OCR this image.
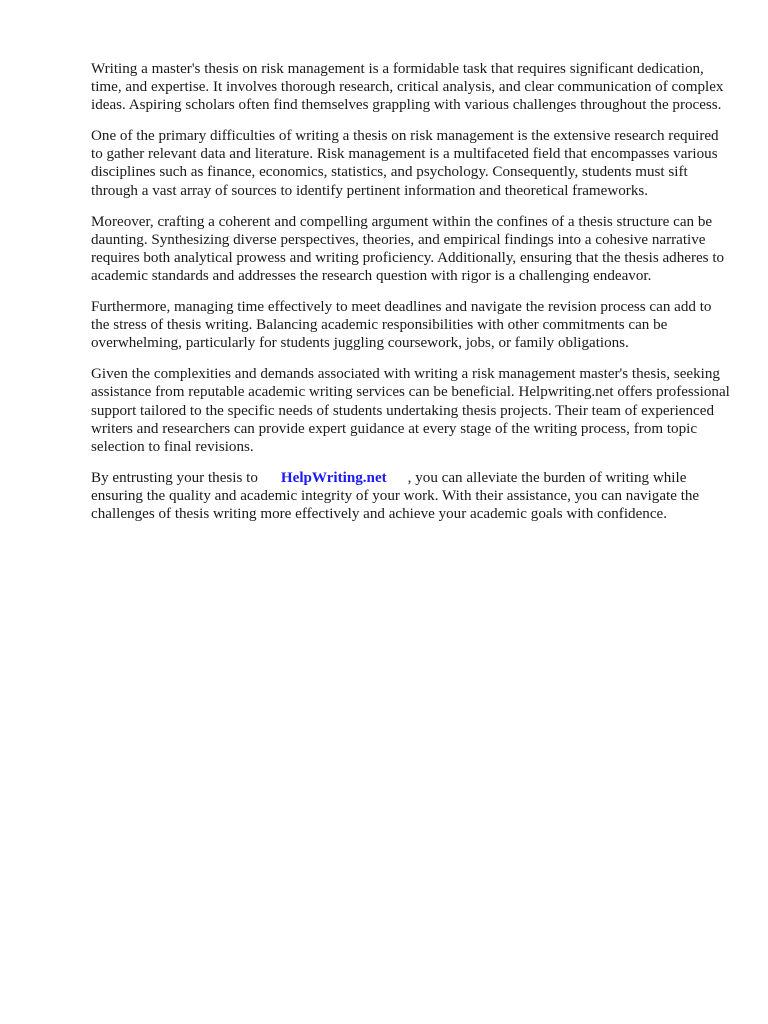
Writing a master's thesis on risk management is a formidable task that requires significant dedication, time, and expertise. It involves thorough research, critical analysis, and clear communication of complex ideas. Aspiring scholars often find themselves grappling with various challenges throughout the process.

One of the primary difficulties of writing a thesis on risk management is the extensive research required to gather relevant data and literature. Risk management is a multifaceted field that encompasses various disciplines such as finance, economics, statistics, and psychology. Consequently, students must sift through a vast array of sources to identify pertinent information and theoretical frameworks.

Moreover, crafting a coherent and compelling argument within the confines of a thesis structure can be daunting. Synthesizing diverse perspectives, theories, and empirical findings into a cohesive narrative requires both analytical prowess and writing proficiency. Additionally, ensuring that the thesis adheres to academic standards and addresses the research question with rigor is a challenging endeavor.

Furthermore, managing time effectively to meet deadlines and navigate the revision process can add to the stress of thesis writing. Balancing academic responsibilities with other commitments can be overwhelming, particularly for students juggling coursework, jobs, or family obligations.

Given the complexities and demands associated with writing a risk management master's thesis, seeking assistance from reputable academic writing services can be beneficial. Helpwriting.net offers professional support tailored to the specific needs of students undertaking thesis projects. Their team of experienced writers and researchers can provide expert guidance at every stage of the writing process, from topic selection to final revisions.

By entrusting your thesis to HelpWriting.net , you can alleviate the burden of writing while ensuring the quality and academic integrity of your work. With their assistance, you can navigate the challenges of thesis writing more effectively and achieve your academic goals with confidence.
